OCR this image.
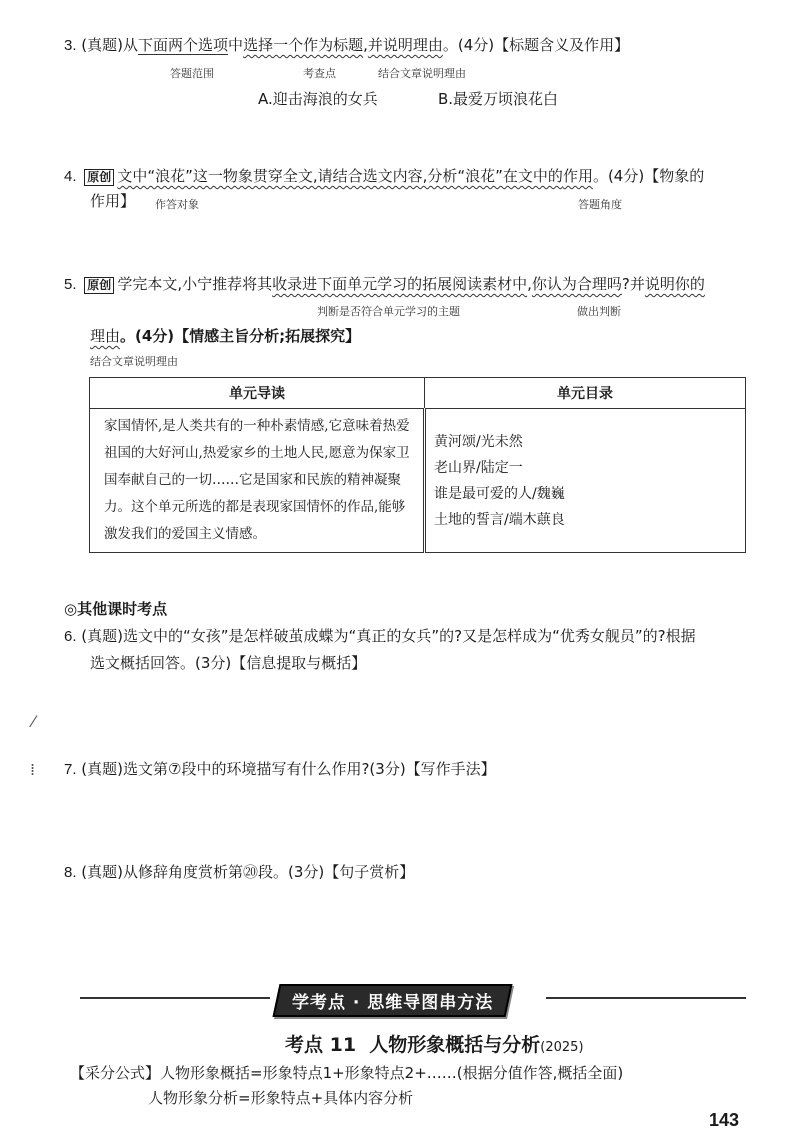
3. (真题)从下面两个选项中选择一个作为标题,并说明理由。(4分)【标题含义及作用】
答题范围	考查点	结合文章说明理由
A.迎击海浪的女兵	B.最爱万顷浪花白
4. 原创 文中“浪花”这一物象贯穿全文,请结合选文内容,分析“浪花”在文中的作用。(4分)【物象的
作用】 作答对象	答题角度
5. 原创 学完本文,小宁推荐将其收录进下面单元学习的拓展阅读素材中,你认为合理吗?并说明你的
判断是否符合单元学习的主题	做出判断
理由。(4分)【情感主旨分析;拓展探究】
结合文章说明理由
单元导读	单元目录
家国情怀,是人类共有的一种朴素情感,它意味着热爱祖国的大好河山,热爱家乡的土地人民,愿意为保家卫国奉献自己的一切……它是国家和民族的精神凝聚力。这个单元所选的都是表现家国情怀的作品,能够激发我们的爱国主义情感。	黄河颂/光未然
老山界/陆定一
谁是最可爱的人/魏巍
土地的誓言/端木蕻良
◎其他课时考点
6. (真题)选文中的“女孩”是怎样破茧成蝶为“真正的女兵”的?又是怎样成为“优秀女舰员”的?根据
选文概括回答。(3分)【信息提取与概括】
⁄
⁞ 7. (真题)选文第⑦段中的环境描写有什么作用?(3分)【写作手法】
8. (真题)从修辞角度赏析第⑳段。(3分)【句子赏析】
学考点 · 思维导图串方法
考点 11  人物形象概括与分析(2025)
【采分公式】人物形象概括=形象特点1+形象特点2+……(根据分值作答,概括全面)
人物形象分析=形象特点+具体内容分析
143
